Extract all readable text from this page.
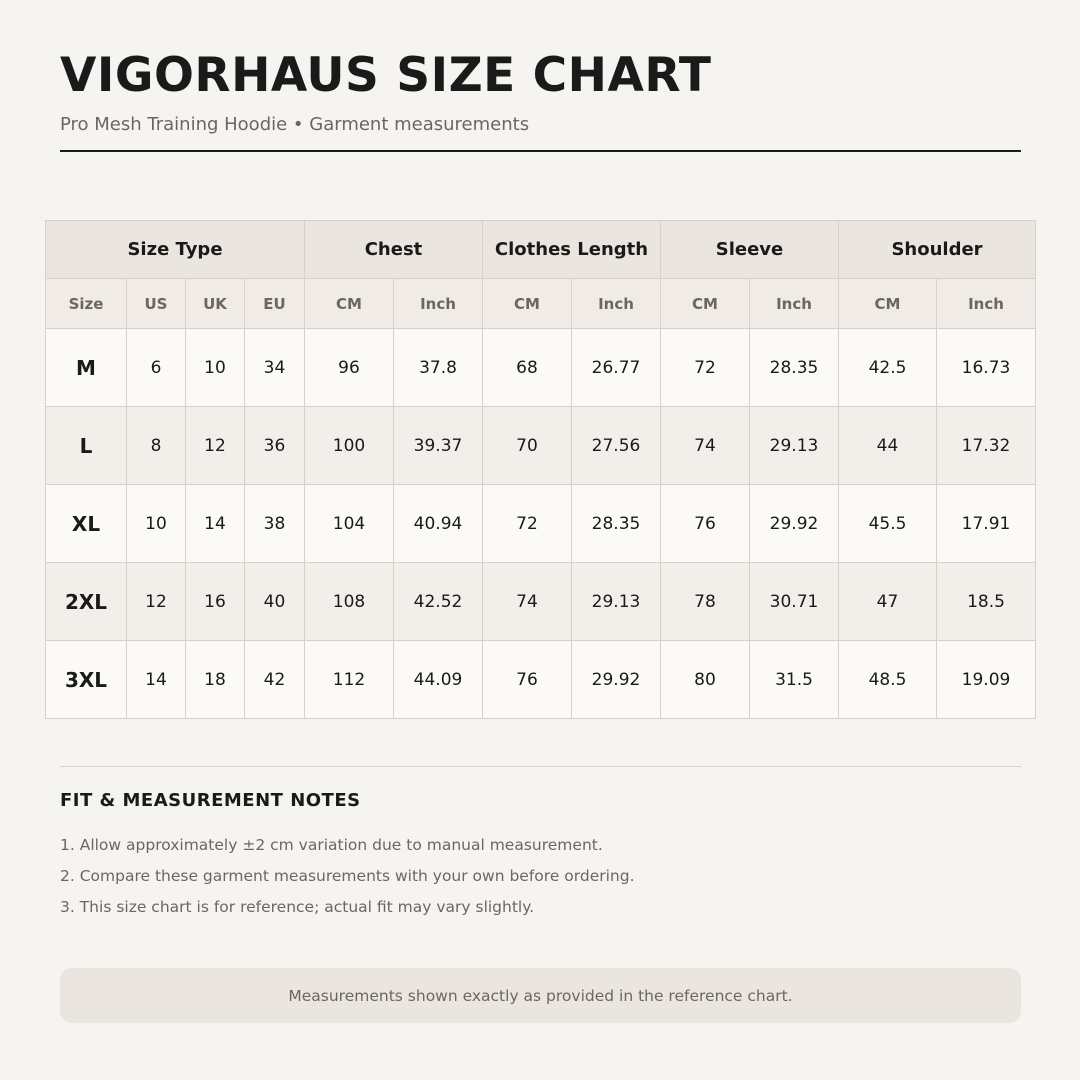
VIGORHAUS SIZE CHART
Pro Mesh Training Hoodie • Garment measurements
Size Type				Chest		Clothes Length		Sleeve		Shoulder	
Size	US	UK	EU	CM	Inch	CM	Inch	CM	Inch	CM	Inch
M	6	10	34	96	37.8	68	26.77	72	28.35	42.5	16.73
L	8	12	36	100	39.37	70	27.56	74	29.13	44	17.32
XL	10	14	38	104	40.94	72	28.35	76	29.92	45.5	17.91
2XL	12	16	40	108	42.52	74	29.13	78	30.71	47	18.5
3XL	14	18	42	112	44.09	76	29.92	80	31.5	48.5	19.09
FIT & MEASUREMENT NOTES
1. Allow approximately ±2 cm variation due to manual measurement.
2. Compare these garment measurements with your own before ordering.
3. This size chart is for reference; actual fit may vary slightly.
Measurements shown exactly as provided in the reference chart.
